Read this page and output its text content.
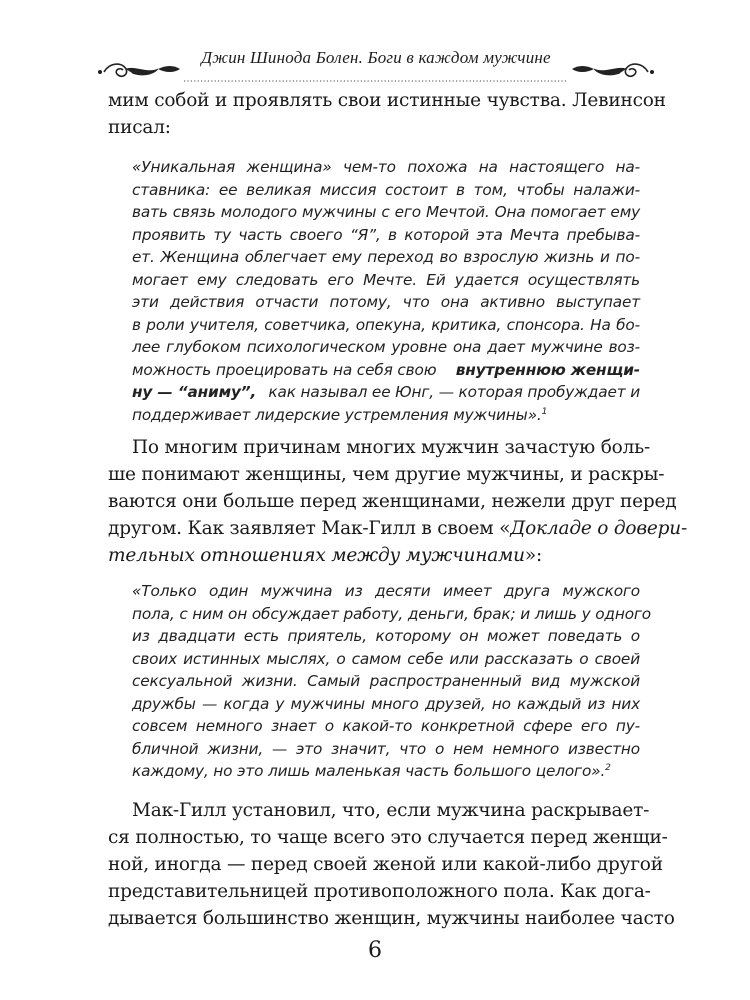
Джин Шинода Болен. Боги в каждом мужчине
мим собой и проявлять свои истинные чувства. Левинсон
писал:
«Уникальная женщина» чем-то похожа на настоящего на-
ставника: ее великая миссия состоит в том, чтобы налажи-
вать связь молодого мужчины с его Мечтой. Она помогает ему
проявить ту часть своего “Я”, в которой эта Мечта пребыва-
ет. Женщина облегчает ему переход во взрослую жизнь и по-
могает ему следовать его Мечте. Ей удается осуществлять
эти действия отчасти потому, что она активно выступает
в роли учителя, советчика, опекуна, критика, спонсора. На бо-
лее глубоком психологическом уровне она дает мужчине воз-
можность проецировать на себя свою внутреннюю женщи-
ну — “аниму”, как называл ее Юнг, — которая пробуждает и
поддерживает лидерские устремления мужчины».$^1$
По многим причинам многих мужчин зачастую боль-
ше понимают женщины, чем другие мужчины, и раскры-
ваются они больше перед женщинами, нежели друг перед
другом. Как заявляет Мак-Гилл в своем « Докладе о довери-
тельных отношениях между мужчинами»:
«Только один мужчина из десяти имеет друга мужского
пола, с ним он обсуждает работу, деньги, брак; и лишь у одного
из двадцати есть приятель, которому он может поведать о
своих истинных мыслях, о самом себе или рассказать о своей
сексуальной жизни. Самый распространенный вид мужской
дружбы — когда у мужчины много друзей, но каждый из них
совсем немного знает о какой-то конкретной сфере его пу-
бличной жизни, — это значит, что о нем немного известно
каждому, но это лишь маленькая часть большого целого».$^2$
Мак-Гилл установил, что, если мужчина раскрывает-
ся полностью, то чаще всего это случается перед женщи-
ной, иногда — перед своей женой или какой-либо другой
представительницей противоположного пола. Как дога-
дывается большинство женщин, мужчины наиболее часто
6
